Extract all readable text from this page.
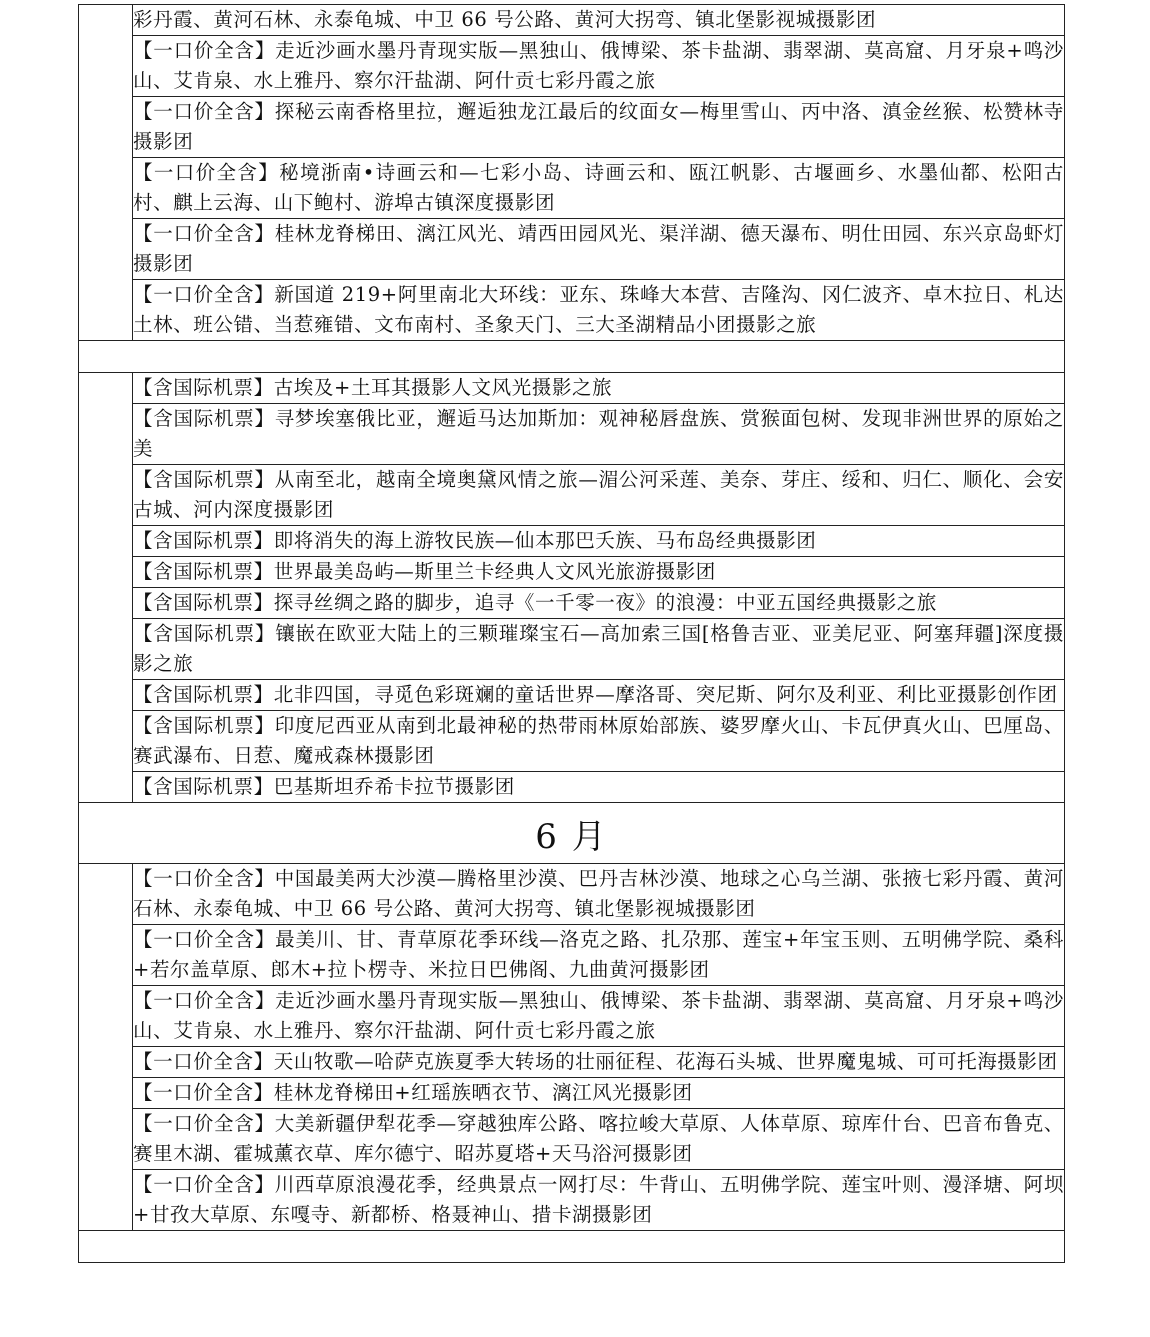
	彩丹霞、黄河石林、永泰龟城、中卫 66 号公路、黄河大拐弯、镇北堡影视城摄影团
	【一口价全含】走近沙画水墨丹青现实版—黑独山、俄博梁、茶卡盐湖、翡翠湖、莫高窟、月牙泉+鸣沙山、艾肯泉、水上雅丹、察尔汗盐湖、阿什贡七彩丹霞之旅
	【一口价全含】探秘云南香格里拉，邂逅独龙江最后的纹面女—梅里雪山、丙中洛、滇金丝猴、松赞林寺摄影团
	【一口价全含】秘境浙南•诗画云和—七彩小岛、诗画云和、瓯江帆影、古堰画乡、水墨仙都、松阳古村、麒上云海、山下鲍村、游埠古镇深度摄影团
	【一口价全含】桂林龙脊梯田、漓江风光、靖西田园风光、渠洋湖、德天瀑布、明仕田园、东兴京岛虾灯摄影团
	【一口价全含】新国道 219+阿里南北大环线：亚东、珠峰大本营、吉隆沟、冈仁波齐、卓木拉日、札达土林、班公错、当惹雍错、文布南村、圣象天门、三大圣湖精品小团摄影之旅

	【含国际机票】古埃及+土耳其摄影人文风光摄影之旅
	【含国际机票】寻梦埃塞俄比亚，邂逅马达加斯加：观神秘唇盘族、赏猴面包树、发现非洲世界的原始之美
	【含国际机票】从南至北，越南全境奥黛风情之旅—湄公河采莲、美奈、芽庄、绥和、归仁、顺化、会安古城、河内深度摄影团
	【含国际机票】即将消失的海上游牧民族—仙本那巴夭族、马布岛经典摄影团
	【含国际机票】世界最美岛屿—斯里兰卡经典人文风光旅游摄影团
	【含国际机票】探寻丝绸之路的脚步，追寻《一千零一夜》的浪漫：中亚五国经典摄影之旅
	【含国际机票】镶嵌在欧亚大陆上的三颗璀璨宝石—高加索三国[格鲁吉亚、亚美尼亚、阿塞拜疆]深度摄影之旅
	【含国际机票】北非四国，寻觅色彩斑斓的童话世界—摩洛哥、突尼斯、阿尔及利亚、利比亚摄影创作团
	【含国际机票】印度尼西亚从南到北最神秘的热带雨林原始部族、婆罗摩火山、卡瓦伊真火山、巴厘岛、赛武瀑布、日惹、魔戒森林摄影团
	【含国际机票】巴基斯坦乔希卡拉节摄影团
6 月	
	【一口价全含】中国最美两大沙漠—腾格里沙漠、巴丹吉林沙漠、地球之心乌兰湖、张掖七彩丹霞、黄河石林、永泰龟城、中卫 66 号公路、黄河大拐弯、镇北堡影视城摄影团
	【一口价全含】最美川、甘、青草原花季环线—洛克之路、扎尕那、莲宝+年宝玉则、五明佛学院、桑科+若尔盖草原、郎木+拉卜楞寺、米拉日巴佛阁、九曲黄河摄影团
	【一口价全含】走近沙画水墨丹青现实版—黑独山、俄博梁、茶卡盐湖、翡翠湖、莫高窟、月牙泉+鸣沙山、艾肯泉、水上雅丹、察尔汗盐湖、阿什贡七彩丹霞之旅
	【一口价全含】天山牧歌—哈萨克族夏季大转场的壮丽征程、花海石头城、世界魔鬼城、可可托海摄影团
	【一口价全含】桂林龙脊梯田+红瑶族晒衣节、漓江风光摄影团
	【一口价全含】大美新疆伊犁花季—穿越独库公路、喀拉峻大草原、人体草原、琼库什台、巴音布鲁克、赛里木湖、霍城薰衣草、库尔德宁、昭苏夏塔+天马浴河摄影团
	【一口价全含】川西草原浪漫花季，经典景点一网打尽：牛背山、五明佛学院、莲宝叶则、漫泽塘、阿坝+甘孜大草原、东嘎寺、新都桥、格聂神山、措卡湖摄影团
